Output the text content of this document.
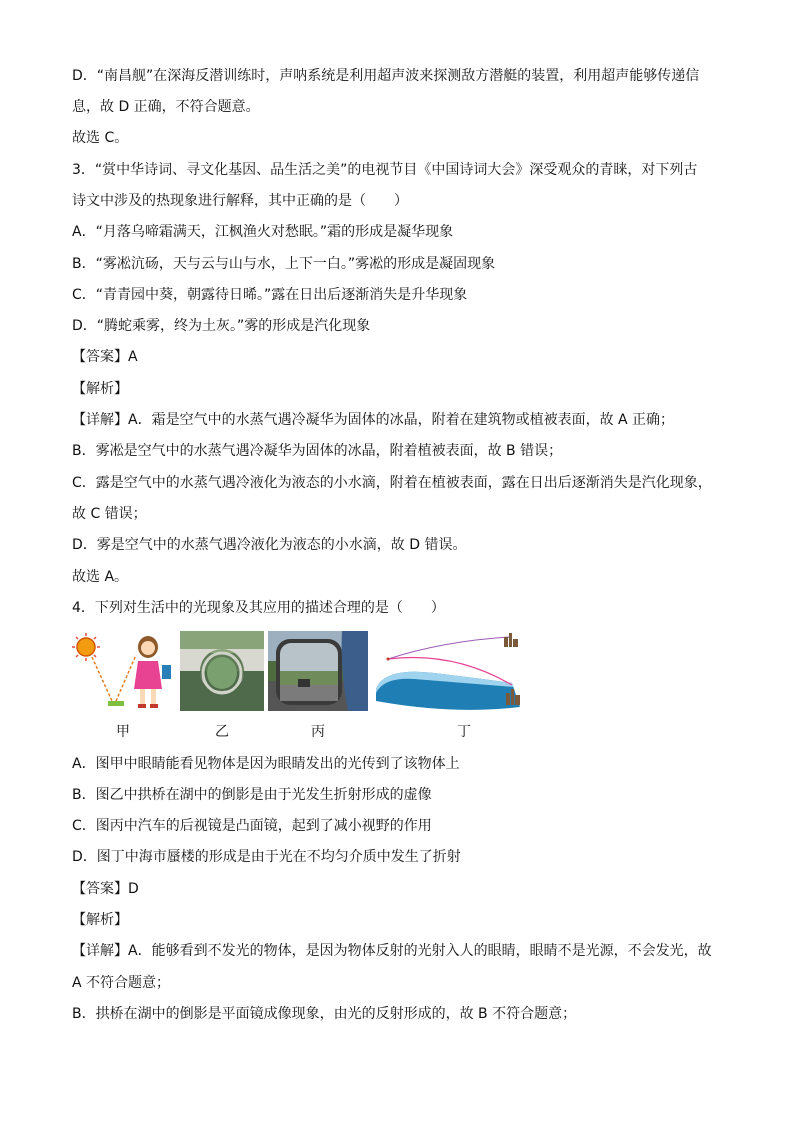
D．“南昌舰”在深海反潜训练时，声呐系统是利用超声波来探测敌方潜艇的装置，利用超声能够传递信
息，故 D 正确，不符合题意。
故选 C。
3．“赏中华诗词、寻文化基因、品生活之美”的电视节目《中国诗词大会》深受观众的青睐，对下列古
诗文中涉及的热现象进行解释，其中正确的是（　　）
A．“月落乌啼霜满天，江枫渔火对愁眠。”霜的形成是凝华现象
B．“雾凇沆砀，天与云与山与水，上下一白。”雾凇的形成是凝固现象
C．“青青园中葵，朝露待日晞。”露在日出后逐渐消失是升华现象
D．“腾蛇乘雾，终为土灰。”雾的形成是汽化现象
【答案】A
【解析】
【详解】A．霜是空气中的水蒸气遇冷凝华为固体的冰晶，附着在建筑物或植被表面，故 A 正确；
B．雾凇是空气中的水蒸气遇冷凝华为固体的冰晶，附着植被表面，故 B 错误；
C．露是空气中的水蒸气遇冷液化为液态的小水滴，附着在植被表面，露在日出后逐渐消失是汽化现象，
故 C 错误；
D．雾是空气中的水蒸气遇冷液化为液态的小水滴，故 D 错误。
故选 A。
4．下列对生活中的光现象及其应用的描述合理的是（　　）
甲	乙	丙	丁
A．图甲中眼睛能看见物体是因为眼睛发出的光传到了该物体上
B．图乙中拱桥在湖中的倒影是由于光发生折射形成的虚像
C．图丙中汽车的后视镜是凸面镜，起到了减小视野的作用
D．图丁中海市蜃楼的形成是由于光在不均匀介质中发生了折射
【答案】D
【解析】
【详解】A．能够看到不发光的物体，是因为物体反射的光射入人的眼睛，眼睛不是光源，不会发光，故
A 不符合题意；
B．拱桥在湖中的倒影是平面镜成像现象，由光的反射形成的，故 B 不符合题意；
